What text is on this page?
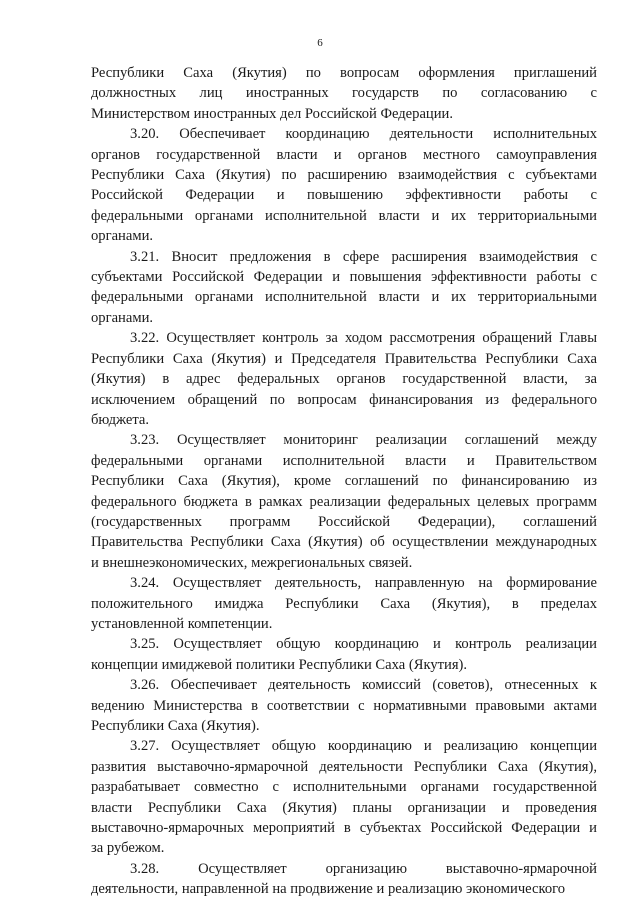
6

Республики Саха (Якутия) по вопросам оформления приглашений
должностных лиц иностранных государств по согласованию с
Министерством иностранных дел Российской Федерации.

3.20. Обеспечивает координацию деятельности исполнительных
органов государственной власти и органов местного самоуправления
Республики Саха (Якутия) по расширению взаимодействия с субъектами
Российской Федерации и повышению эффективности работы с
федеральными органами исполнительной власти и их территориальными
органами.

3.21. Вносит предложения в сфере расширения взаимодействия с
субъектами Российской Федерации и повышения эффективности работы с
федеральными органами исполнительной власти и их территориальными
органами.

3.22. Осуществляет контроль за ходом рассмотрения обращений Главы
Республики Саха (Якутия) и Председателя Правительства Республики Саха
(Якутия) в адрес федеральных органов государственной власти, за
исключением обращений по вопросам финансирования из федерального
бюджета.

3.23. Осуществляет мониторинг реализации соглашений между
федеральными органами исполнительной власти и Правительством
Республики Саха (Якутия), кроме соглашений по финансированию из
федерального бюджета в рамках реализации федеральных целевых программ
(государственных программ Российской Федерации), соглашений
Правительства Республики Саха (Якутия) об осуществлении международных
и внешнеэкономических, межрегиональных связей.

3.24. Осуществляет деятельность, направленную на формирование
положительного имиджа Республики Саха (Якутия), в пределах
установленной компетенции.

3.25. Осуществляет общую координацию и контроль реализации
концепции имиджевой политики Республики Саха (Якутия).

3.26. Обеспечивает деятельность комиссий (советов), отнесенных к
ведению Министерства в соответствии с нормативными правовыми актами
Республики Саха (Якутия).

3.27. Осуществляет общую координацию и реализацию концепции
развития выставочно-ярмарочной деятельности Республики Саха (Якутия),
разрабатывает совместно с исполнительными органами государственной
власти Республики Саха (Якутия) планы организации и проведения
выставочно-ярмарочных мероприятий в субъектах Российской Федерации и
за рубежом.

3.28. Осуществляет организацию выставочно-ярмарочной
деятельности, направленной на продвижение и реализацию экономического
